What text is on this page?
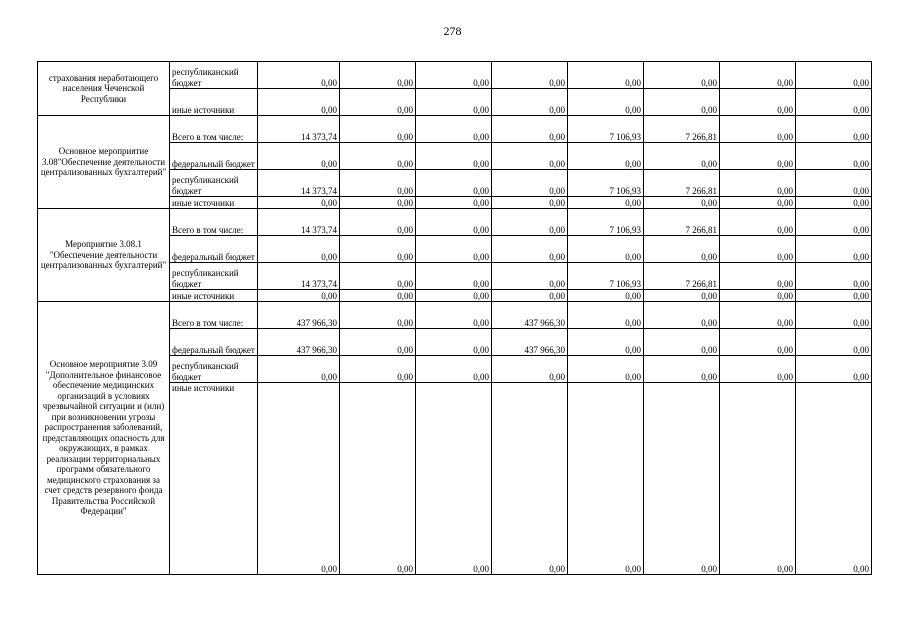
278
страхования неработающего населения Чеченской Республики	республиканский бюджет	0,00	0,00	0,00	0,00	0,00	0,00	0,00	0,00
	иные источники	0,00	0,00	0,00	0,00	0,00	0,00	0,00	0,00
Основное мероприятие 3.08"Обеспечение деятельности централизованных бухгалтерий"	Всего в том числе:	14 373,74	0,00	0,00	0,00	7 106,93	7 266,81	0,00	0,00
	федеральный бюджет	0,00	0,00	0,00	0,00	0,00	0,00	0,00	0,00
	республиканский бюджет	14 373,74	0,00	0,00	0,00	7 106,93	7 266,81	0,00	0,00
	иные источники	0,00	0,00	0,00	0,00	0,00	0,00	0,00	0,00
Мероприятие 3.08.1 "Обеспечение деятельности централизованных бухгалтерий"	Всего в том числе:	14 373,74	0,00	0,00	0,00	7 106,93	7 266,81	0,00	0,00
	федеральный бюджет	0,00	0,00	0,00	0,00	0,00	0,00	0,00	0,00
	республиканский бюджет	14 373,74	0,00	0,00	0,00	7 106,93	7 266,81	0,00	0,00
	иные источники	0,00	0,00	0,00	0,00	0,00	0,00	0,00	0,00
Основное мероприятие 3.09 "Дополнительное финансовое обеспечение медицинских организаций в условиях чрезвычайной ситуации и (или) при возникновении угрозы распространения заболеваний, представляющих опасность для окружающих, в рамках реализации территориальных программ обязательного медицинского страхования за счет средств резервного фонда Правительства Российской Федерации"	Всего в том числе:	437 966,30	0,00	0,00	437 966,30	0,00	0,00	0,00	0,00
	федеральный бюджет	437 966,30	0,00	0,00	437 966,30	0,00	0,00	0,00	0,00
	республиканский бюджет	0,00	0,00	0,00	0,00	0,00	0,00	0,00	0,00
	иные источники	0,00	0,00	0,00	0,00	0,00	0,00	0,00	0,00
